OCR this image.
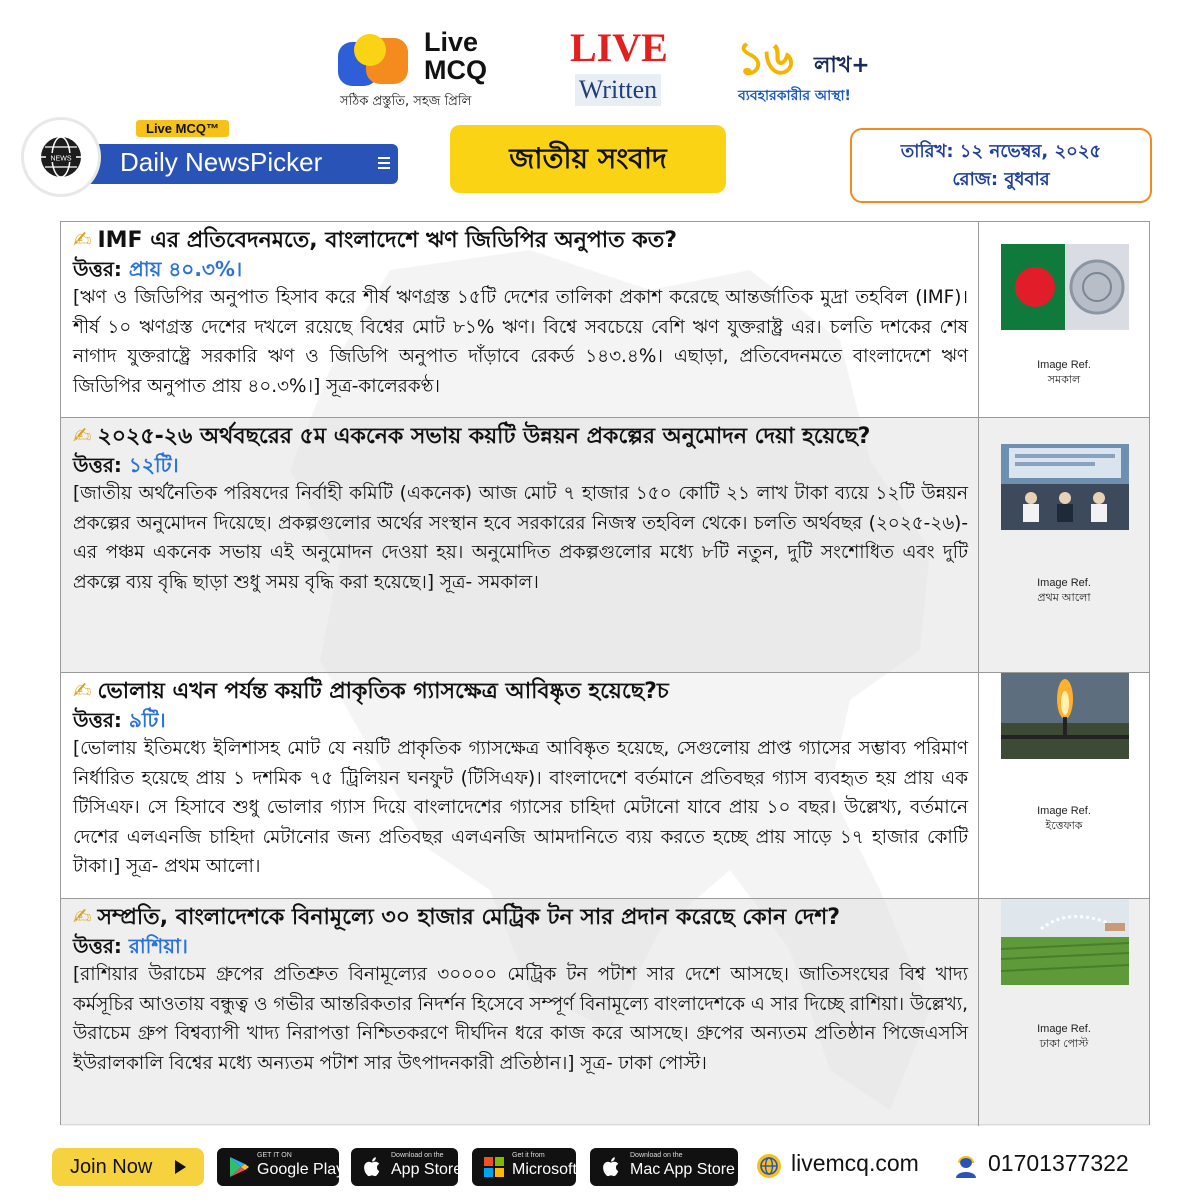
Live
MCQ
সঠিক প্রস্তুতি, সহজ প্রিলি
LIVE
Written
১৬ লাখ+
ব্যবহারকারীর আস্থা!
NEWS Daily NewsPicker
Live MCQ™
জাতীয় সংবাদ	তারিখ: ১২ নভেম্বর, ২০২৫
রোজ: বুধবার
✍ IMF এর প্রতিবেদনমতে, বাংলাদেশে ঋণ জিডিপির অনুপাত কত?
উত্তর: প্রায় ৪০.৩%।
[ঋণ ও জিডিপির অনুপাত হিসাব করে শীর্ষ ঋণগ্রস্ত ১৫টি দেশের তালিকা প্রকাশ করেছে আন্তর্জাতিক মুদ্রা তহবিল (IMF)। শীর্ষ ১০ ঋণগ্রস্ত দেশের দখলে রয়েছে বিশ্বের মোট ৮১% ঋণ। বিশ্বে সবচেয়ে বেশি ঋণ যুক্তরাষ্ট্র এর। চলতি দশকের শেষ নাগাদ যুক্তরাষ্ট্রে সরকারি ঋণ ও জিডিপি অনুপাত দাঁড়াবে রেকর্ড ১৪৩.৪%। এছাড়া, প্রতিবেদনমতে বাংলাদেশে ঋণ জিডিপির অনুপাত প্রায় ৪০.৩%।] সূত্র-কালেরকণ্ঠ।
Image Ref.
সমকাল
✍ ২০২৫-২৬ অর্থবছরের ৫ম একনেক সভায় কয়টি উন্নয়ন প্রকল্পের অনুমোদন দেয়া হয়েছে?
উত্তর: ১২টি।
[জাতীয় অর্থনৈতিক পরিষদের নির্বাহী কমিটি (একনেক) আজ মোট ৭ হাজার ১৫০ কোটি ২১ লাখ টাকা ব্যয়ে ১২টি উন্নয়ন প্রকল্পের অনুমোদন দিয়েছে। প্রকল্পগুলোর অর্থের সংস্থান হবে সরকারের নিজস্ব তহবিল থেকে। চলতি অর্থবছর (২০২৫-২৬)-এর পঞ্চম একনেক সভায় এই অনুমোদন দেওয়া হয়। অনুমোদিত প্রকল্পগুলোর মধ্যে ৮টি নতুন, দুটি সংশোধিত এবং দুটি প্রকল্পে ব্যয় বৃদ্ধি ছাড়া শুধু সময় বৃদ্ধি করা হয়েছে।] সূত্র- সমকাল।	Image Ref.
প্রথম আলো
✍ ভোলায় এখন পর্যন্ত কয়টি প্রাকৃতিক গ্যাসক্ষেত্র আবিষ্কৃত হয়েছে?চ
উত্তর: ৯টি।
[ভোলায় ইতিমধ্যে ইলিশাসহ মোট যে নয়টি প্রাকৃতিক গ্যাসক্ষেত্র আবিষ্কৃত হয়েছে, সেগুলোয় প্রাপ্ত গ্যাসের সম্ভাব্য পরিমাণ নির্ধারিত হয়েছে প্রায় ১ দশমিক ৭৫ ট্রিলিয়ন ঘনফুট (টিসিএফ)। বাংলাদেশে বর্তমানে প্রতিবছর গ্যাস ব্যবহৃত হয় প্রায় এক টিসিএফ। সে হিসাবে শুধু ভোলার গ্যাস দিয়ে বাংলাদেশের গ্যাসের চাহিদা মেটানো যাবে প্রায় ১০ বছর। উল্লেখ্য, বর্তমানে দেশের এলএনজি চাহিদা মেটানোর জন্য প্রতিবছর এলএনজি আমদানিতে ব্যয় করতে হচ্ছে প্রায় সাড়ে ১৭ হাজার কোটি টাকা।] সূত্র- প্রথম আলো।
Image Ref.
ইত্তেফাক
✍ সম্প্রতি, বাংলাদেশকে বিনামূল্যে ৩০ হাজার মেট্রিক টন সার প্রদান করেছে কোন দেশ?
উত্তর: রাশিয়া।
[রাশিয়ার উরাচেম গ্রুপের প্রতিশ্রুত বিনামূল্যের ৩০০০০ মেট্রিক টন পটাশ সার দেশে আসছে। জাতিসংঘের বিশ্ব খাদ্য কর্মসূচির আওতায় বন্ধুত্ব ও গভীর আন্তরিকতার নিদর্শন হিসেবে সম্পূর্ণ বিনামূল্যে বাংলাদেশকে এ সার দিচ্ছে রাশিয়া। উল্লেখ্য, উরাচেম গ্রুপ বিশ্বব্যাপী খাদ্য নিরাপত্তা নিশ্চিতকরণে দীর্ঘদিন ধরে কাজ করে আসছে। গ্রুপের অন্যতম প্রতিষ্ঠান পিজেএসসি ইউরালকালি বিশ্বের মধ্যে অন্যতম পটাশ সার উৎপাদনকারী প্রতিষ্ঠান।] সূত্র- ঢাকা পোস্ট।
Image Ref.
ঢাকা পোস্ট
Join Now
GET IT ON
Google Play
Download on the
App Store
Get it from
Microsoft
Download on the
Mac App Store livemcq.com	01701377322
